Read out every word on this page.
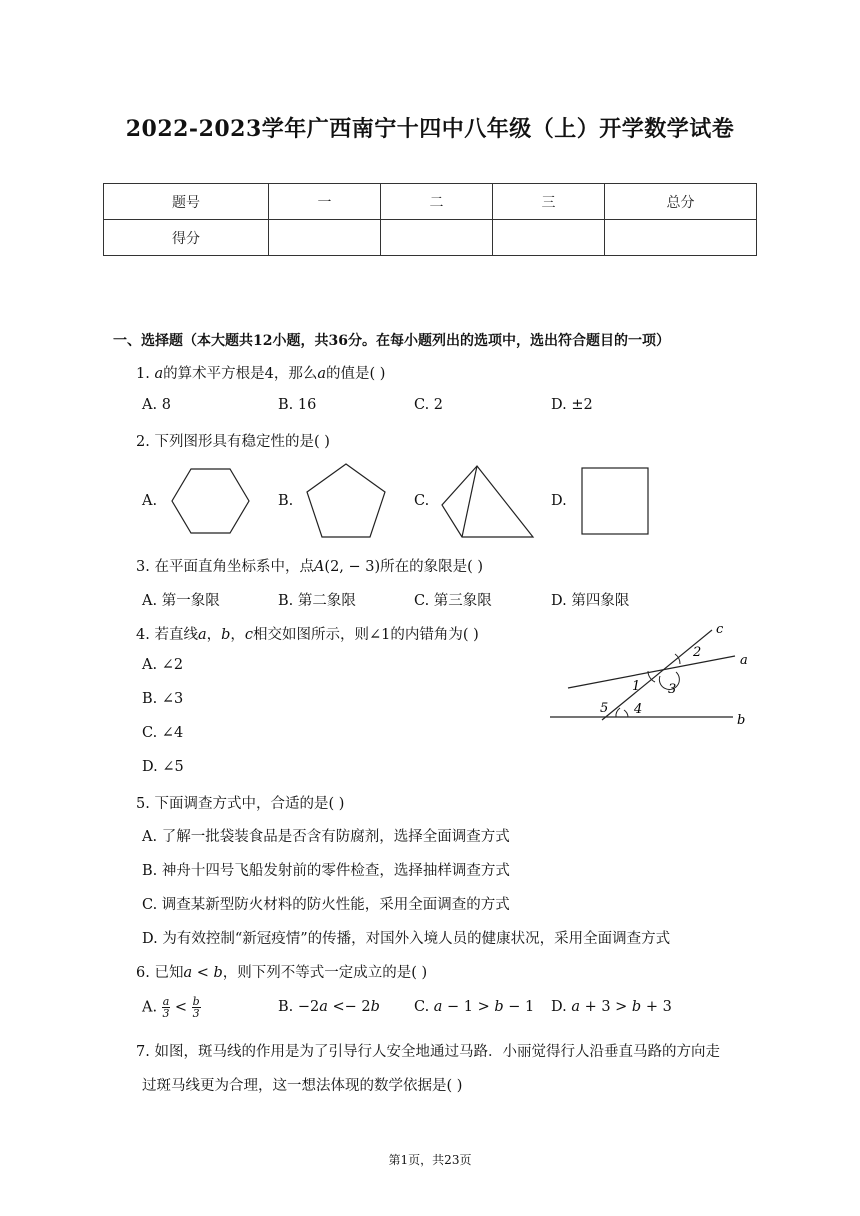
2022-2023学年广西南宁十四中八年级（上）开学数学试卷
题号	一	二	三	总分
得分				
一、选择题（本大题共12小题，共36分。在每小题列出的选项中，选出符合题目的一项）
1. 𝑎的算术平方根是4，那么𝑎的值是( )
A. 8	B. 16	C. 2	D. ±2
2. 下列图形具有稳定性的是( )
A.	B.	C.	D.
3. 在平面直角坐标系中，点𝐴(2, − 3)所在的象限是( )
A. 第一象限	B. 第二象限	C. 第三象限	D. 第四象限
4. 若直线𝑎，𝑏，𝑐相交如图所示，则∠1的内错角为( )
A. ∠2
B. ∠3
C. ∠4
D. ∠5
c
a
b
2
1 3
5 4
5. 下面调查方式中，合适的是( )
A. 了解一批袋装食品是否含有防腐剂，选择全面调查方式
B. 神舟十四号飞船发射前的零件检查，选择抽样调查方式
C. 调查某新型防火材料的防火性能，采用全面调查的方式
D. 为有效控制“新冠疫情”的传播，对国外入境人员的健康状况，采用全面调查方式
6. 已知𝑎 < 𝑏，则下列不等式一定成立的是( )
A. $\frac{a}{3} < \frac{b}{3}$	B. −2𝑎 <− 2𝑏 C. 𝑎 − 1 > 𝑏 − 1 D. 𝑎 + 3 > 𝑏 + 3
7. 如图，斑马线的作用是为了引导行人安全地通过马路．小丽觉得行人沿垂直马路的方向走
过斑马线更为合理，这一想法体现的数学依据是( )
第1页，共23页
